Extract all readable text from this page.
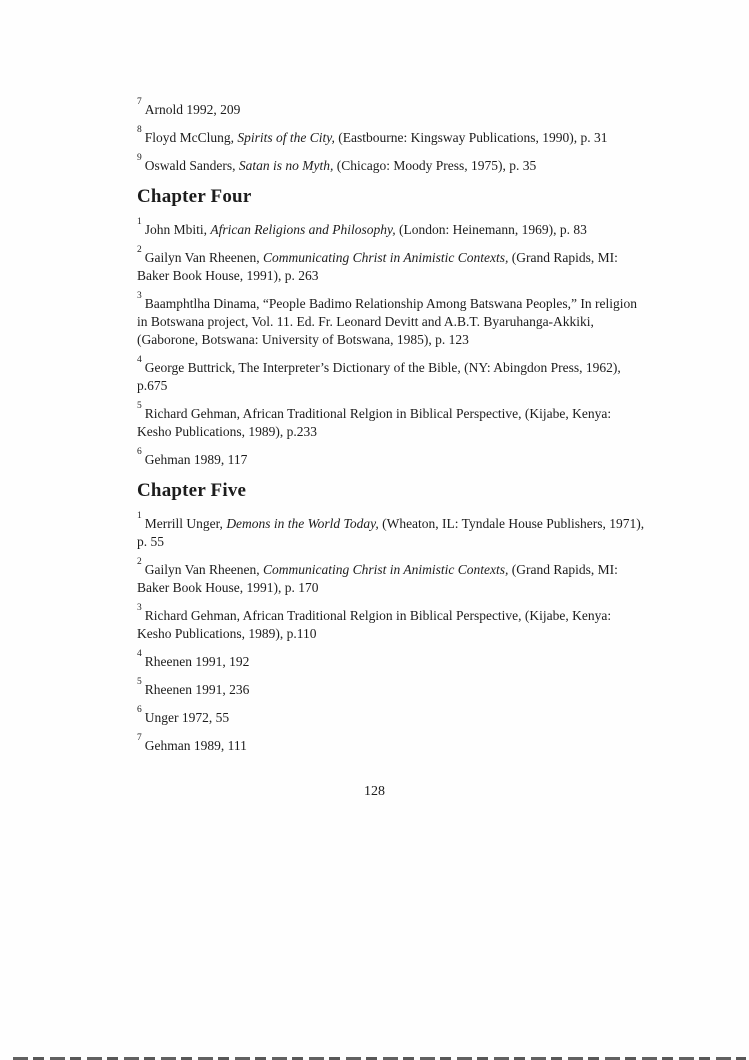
$^7$Arnold 1992, 209

$^8$Floyd McClung, Spirits of the City, (Eastbourne: Kingsway Publications, 1990), p. 31

$^9$Oswald Sanders, Satan is no Myth, (Chicago: Moody Press, 1975), p. 35

Chapter Four

$^1$John Mbiti, African Religions and Philosophy, (London: Heinemann, 1969), p. 83

$^2$Gailyn Van Rheenen, Communicating Christ in Animistic Contexts, (Grand Rapids, MI: Baker Book House, 1991), p. 263

$^3$Baamphtlha Dinama, “People Badimo Relationship Among Batswana Peoples,” In religion in Botswana project, Vol. 11. Ed. Fr. Leonard Devitt and A.B.T. Byaruhanga-Akkiki, (Gaborone, Botswana: University of Botswana, 1985), p. 123

$^4$George Buttrick, The Interpreter’s Dictionary of the Bible, (NY: Abingdon Press, 1962), p.675

$^5$Richard Gehman, African Traditional Relgion in Biblical Perspective, (Kijabe, Kenya: Kesho Publications, 1989), p.233

$^6$Gehman 1989, 117

Chapter Five

$^1$Merrill Unger, Demons in the World Today, (Wheaton, IL: Tyndale House Publishers, 1971), p. 55

$^2$Gailyn Van Rheenen, Communicating Christ in Animistic Contexts, (Grand Rapids, MI: Baker Book House, 1991), p. 170

$^3$Richard Gehman, African Traditional Relgion in Biblical Perspective, (Kijabe, Kenya: Kesho Publications, 1989), p.110

$^4$Rheenen 1991, 192

$^5$Rheenen 1991, 236

$^6$Unger 1972, 55

$^7$Gehman 1989, 111

128
